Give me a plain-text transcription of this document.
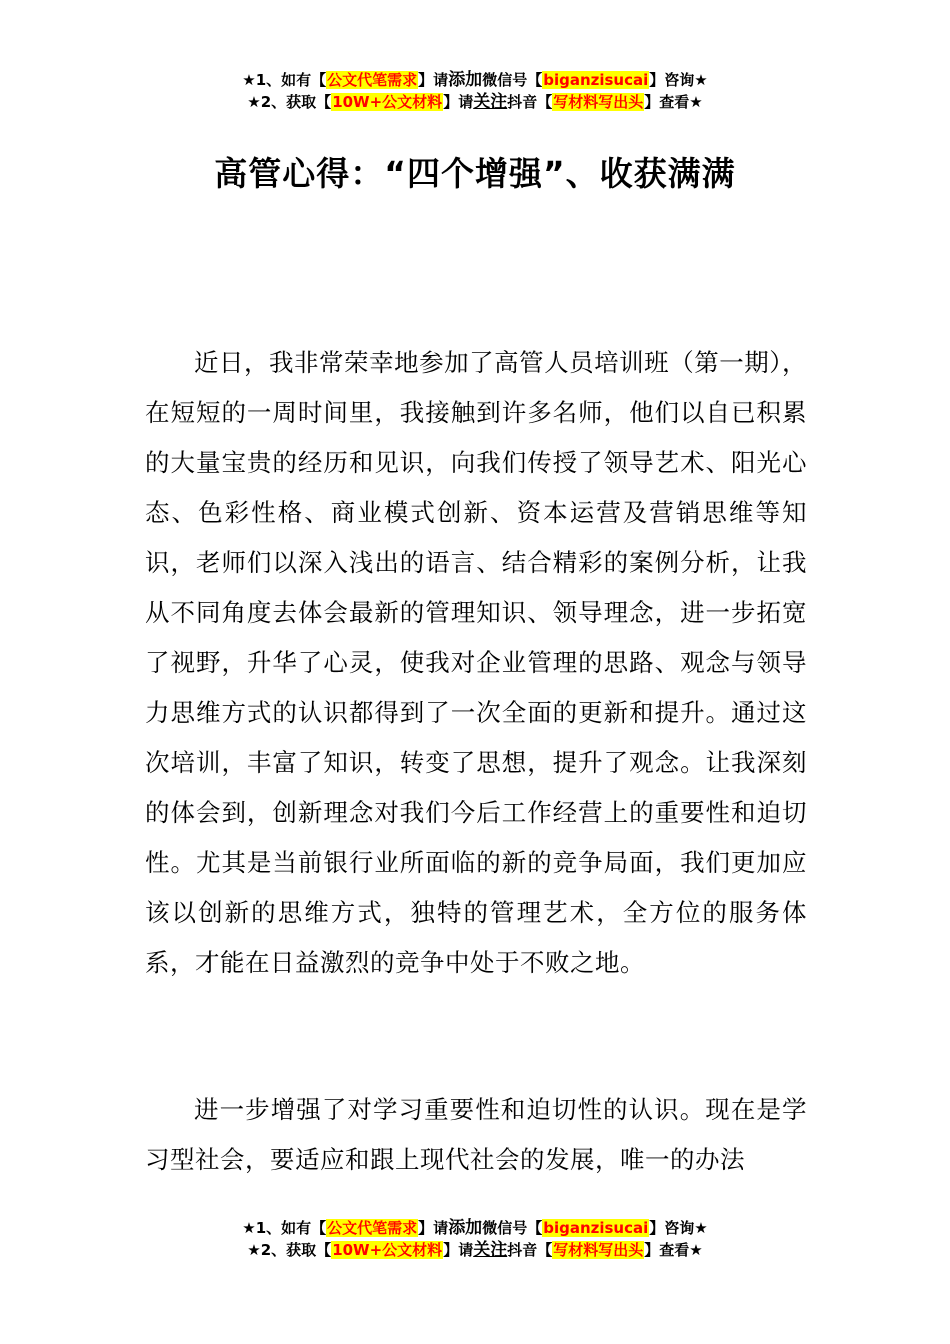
★1、如有【公文代笔需求】请添加微信号【biganzisucai】咨询★
★2、获取【10W+公文材料】请关注抖音【写材料写出头】查看★
高管心得：“四个增强”、收获满满

近日，我非常荣幸地参加了高管人员培训班（第一期），在短短的一周时间里，我接触到许多名师，他们以自已积累的大量宝贵的经历和见识，向我们传授了领导艺术、阳光心态、色彩性格、商业模式创新、资本运营及营销思维等知识，老师们以深入浅出的语言、结合精彩的案例分析，让我从不同角度去体会最新的管理知识、领导理念，进一步拓宽了视野，升华了心灵，使我对企业管理的思路、观念与领导力思维方式的认识都得到了一次全面的更新和提升。通过这次培训，丰富了知识，转变了思想，提升了观念。让我深刻的体会到，创新理念对我们今后工作经营上的重要性和迫切性。尤其是当前银行业所面临的新的竞争局面，我们更加应该以创新的思维方式，独特的管理艺术，全方位的服务体系，才能在日益激烈的竞争中处于不败之地。

进一步增强了对学习重要性和迫切性的认识。现在是学习型社会，要适应和跟上现代社会的发展，唯一的办法

★1、如有【公文代笔需求】请添加微信号【biganzisucai】咨询★
★2、获取【10W+公文材料】请关注抖音【写材料写出头】查看★
